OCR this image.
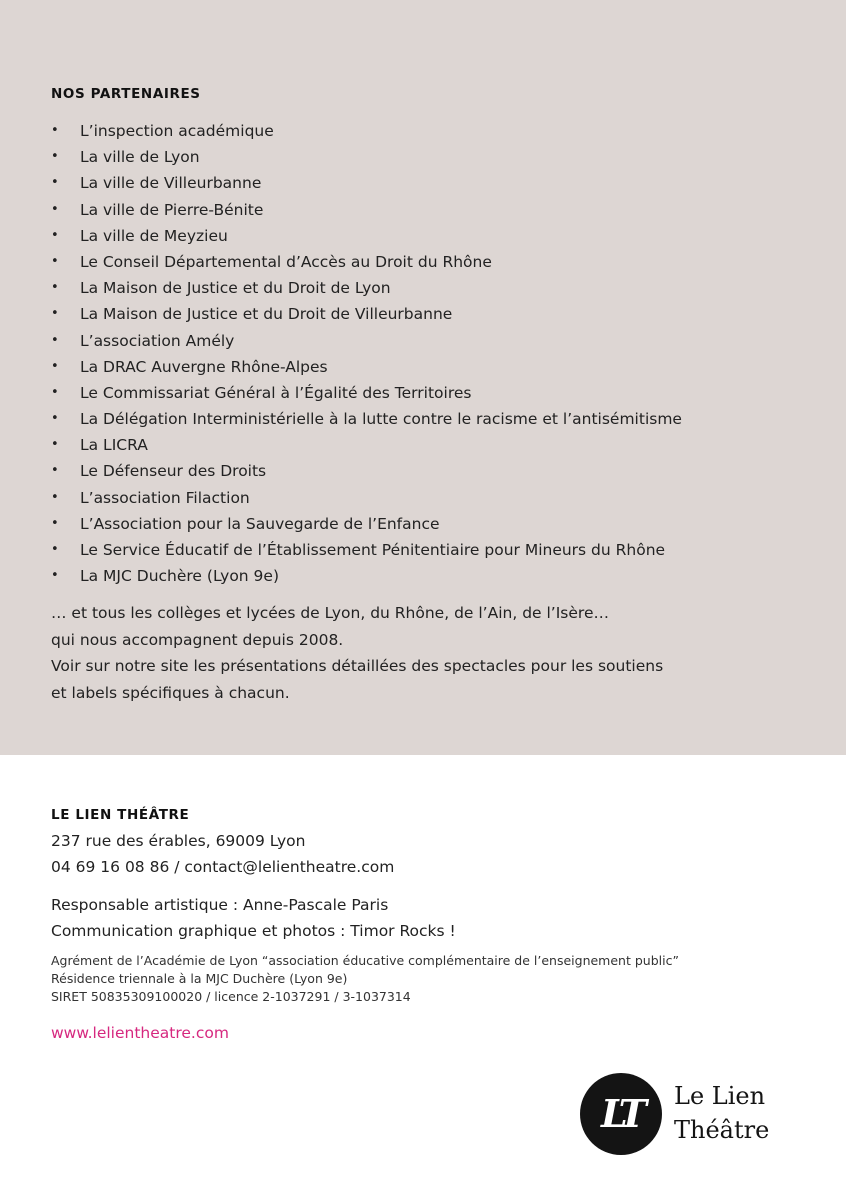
NOS PARTENAIRES
• L’inspection académique
• La ville de Lyon
• La ville de Villeurbanne
• La ville de Pierre-Bénite
• La ville de Meyzieu
• Le Conseil Départemental d’Accès au Droit du Rhône
• La Maison de Justice et du Droit de Lyon
• La Maison de Justice et du Droit de Villeurbanne
• L’association Amély
• La DRAC Auvergne Rhône-Alpes
• Le Commissariat Général à l’Égalité des Territoires
• La Délégation Interministérielle à la lutte contre le racisme et l’antisémitisme
• La LICRA
• Le Défenseur des Droits
• L’association Filaction
• L’Association pour la Sauvegarde de l’Enfance
• Le Service Éducatif de l’Établissement Pénitentiaire pour Mineurs du Rhône
• La MJC Duchère (Lyon 9e)
… et tous les collèges et lycées de Lyon, du Rhône, de l’Ain, de l’Isère…
qui nous accompagnent depuis 2008.
Voir sur notre site les présentations détaillées des spectacles pour les soutiens
et labels spécifiques à chacun.
LE LIEN THÉÂTRE
237 rue des érables, 69009 Lyon
04 69 16 08 86 / contact@lelientheatre.com
Responsable artistique : Anne-Pascale Paris
Communication graphique et photos : Timor Rocks !
Agrément de l’Académie de Lyon “association éducative complémentaire de l’enseignement public”
Résidence triennale à la MJC Duchère (Lyon 9e)
SIRET 50835309100020 / licence 2-1037291 / 3-1037314
www.lelientheatre.com
LT	Le Lien
Théâtre
